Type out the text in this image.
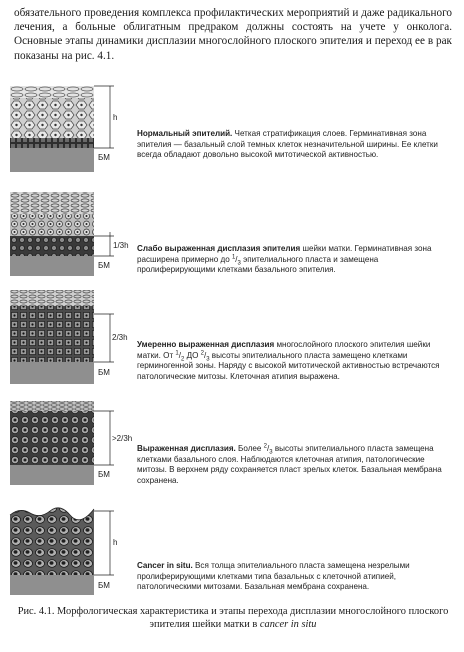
обязательного проведения комплекса профилактических мероприятий и даже радикального лечения, а больные облигатным предраком должны состоять на учете у онколога. Основные этапы динамики дисплазии многослойного плоского эпителия и переход ее в рак показаны на рис. 4.1.
h
БМ
Нормальный эпителий. Четкая стратификация слоев. Герминативная зона эпителия — базальный слой темных клеток незначительной ширины. Ее клетки всегда обладают довольно высокой митотической активностью.
1/3h
БМ
Слабо выраженная дисплазия эпителия шейки матки. Герминативная зона расширена примерно до $^1/_3$ эпителиального пласта и замещена пролиферирующими клетками базального эпителия.
2/3h
БМ
Умеренно выраженная дисплазия многослойного плоского эпителия шейки матки. От $^1/_2$ ДО $^2/_3$ высоты эпителиального пласта замещено клетками герминогенной зоны. Наряду с высокой митотической активностью встречаются патологические митозы. Клеточная атипия выражена.
>2/3h
БМ
Выраженная дисплазия. Более $^2/_3$ высоты эпителиального пласта замещена клетками базального слоя. Наблюдаются клеточная атипия, патологические митозы. В верхнем ряду сохраняется пласт зрелых клеток. Базальная мембрана сохранена.
h
БМ
Cancer in situ. Вся толща эпителиального пласта замещена незрелыми пролиферирующими клетками типа базальных с клеточной атипией, патологическими митозами. Базальная мембрана сохранена.
Рис. 4.1. Морфологическая характеристика и этапы перехода дисплазии многослойного плоского эпителия шейки матки в cancer in situ
